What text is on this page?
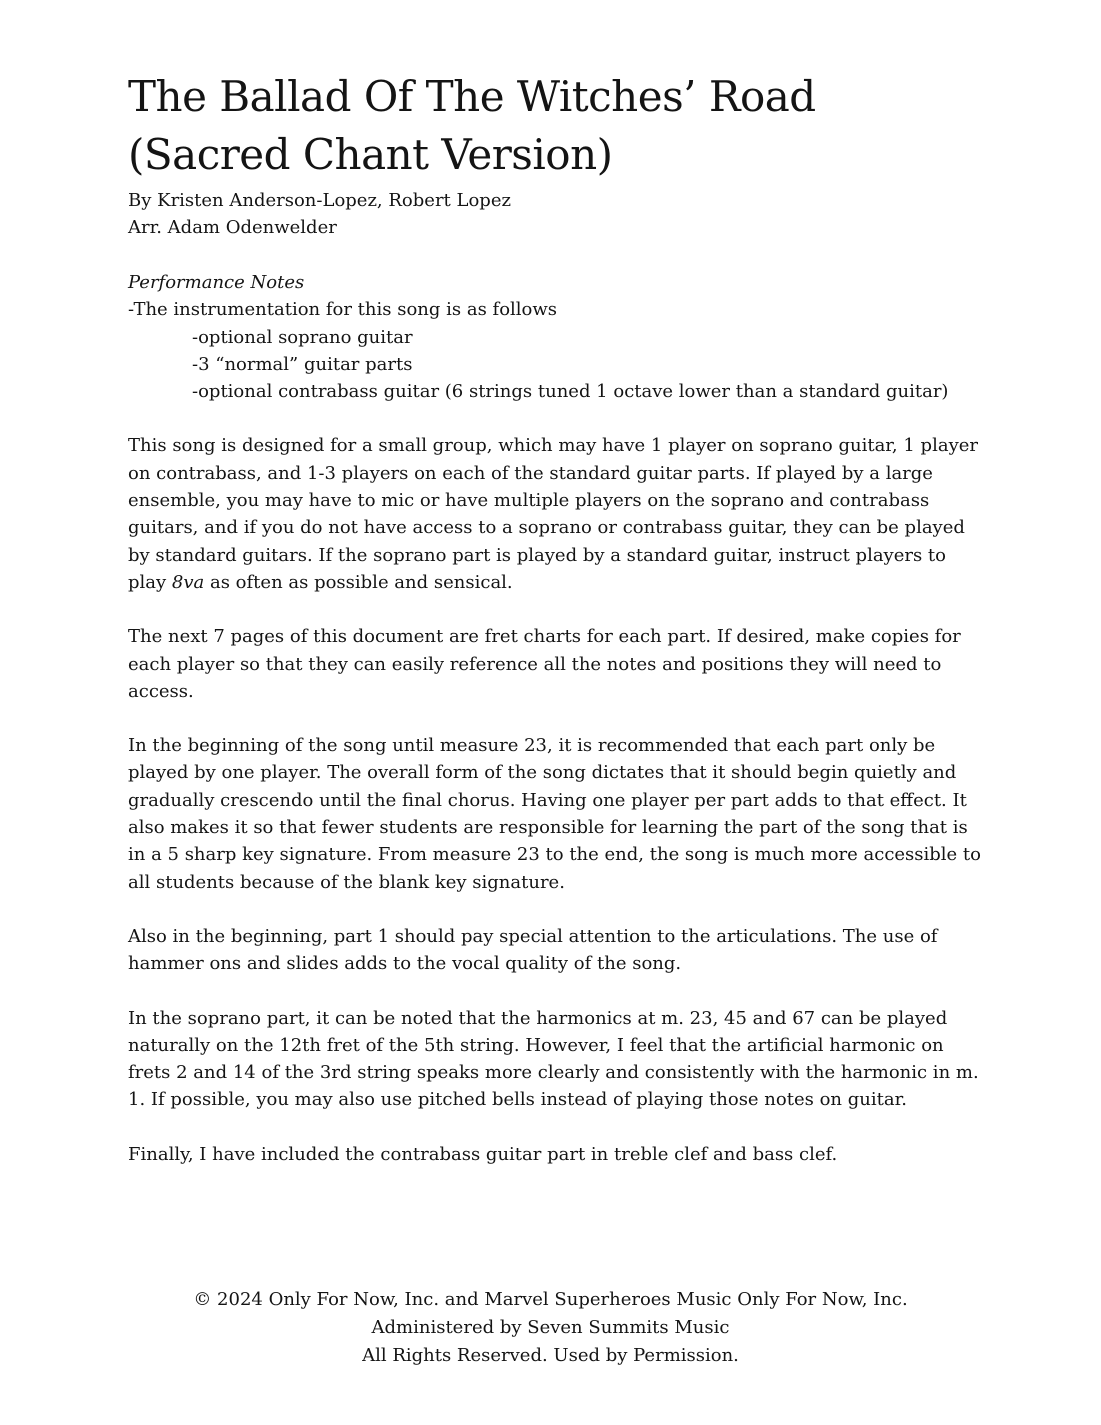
The Ballad Of The Witches’ Road
(Sacred Chant Version)
By Kristen Anderson-Lopez, Robert Lopez
Arr. Adam Odenwelder
Performance Notes
-The instrumentation for this song is as follows
-optional soprano guitar
-3 “normal” guitar parts
-optional contrabass guitar (6 strings tuned 1 octave lower than a standard guitar)

This song is designed for a small group, which may have 1 player on soprano guitar, 1 player on contrabass, and 1-3 players on each of the standard guitar parts. If played by a large ensemble, you may have to mic or have multiple players on the soprano and contrabass guitars, and if you do not have access to a soprano or contrabass guitar, they can be played by standard guitars. If the soprano part is played by a standard guitar, instruct players to play 8va as often as possible and sensical.

The next 7 pages of this document are fret charts for each part. If desired, make copies for each player so that they can easily reference all the notes and positions they will need to access.

In the beginning of the song until measure 23, it is recommended that each part only be played by one player. The overall form of the song dictates that it should begin quietly and gradually crescendo until the final chorus. Having one player per part adds to that effect. It also makes it so that fewer students are responsible for learning the part of the song that is in a 5 sharp key signature. From measure 23 to the end, the song is much more accessible to all students because of the blank key signature.

Also in the beginning, part 1 should pay special attention to the articulations. The use of hammer ons and slides adds to the vocal quality of the song.

In the soprano part, it can be noted that the harmonics at m. 23, 45 and 67 can be played naturally on the 12th fret of the 5th string. However, I feel that the artificial harmonic on frets 2 and 14 of the 3rd string speaks more clearly and consistently with the harmonic in m. 1. If possible, you may also use pitched bells instead of playing those notes on guitar.

Finally, I have included the contrabass guitar part in treble clef and bass clef.

© 2024 Only For Now, Inc. and Marvel Superheroes Music Only For Now, Inc.
Administered by Seven Summits Music
All Rights Reserved. Used by Permission.
